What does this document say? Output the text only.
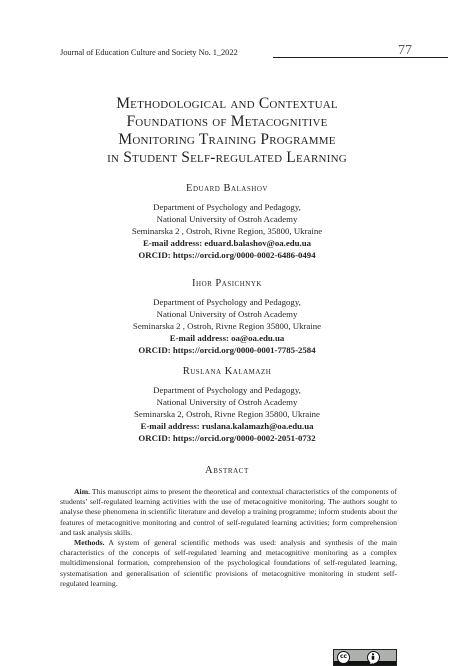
Journal of Education Culture and Society No. 1_2022	77
Methodological and Contextual
Foundations of Metacognitive
Monitoring Training Programme
in Student Self-regulated Learning
Eduard Balashov
Department of Psychology and Pedagogy,
National University of Ostroh Academy
Seminarska 2 , Ostroh, Rivne Region, 35800, Ukraine
E-mail address: eduard.balashov@oa.edu.ua
ORCID: https://orcid.org/0000-0002-6486-0494
Ihor Pasichnyk
Department of Psychology and Pedagogy,
National University of Ostroh Academy
Seminarska 2 , Ostroh, Rivne Region 35800, Ukraine
E-mail address: oa@oa.edu.ua
ORCID: https://orcid.org/0000-0001-7785-2584
Ruslana Kalamazh
Department of Psychology and Pedagogy,
National University of Ostroh Academy
Seminarska 2, Ostroh, Rivne Region 35800, Ukraine
E-mail address: ruslana.kalamazh@oa.edu.ua
ORCID: https://orcid.org/0000-0002-2051-0732
Abstract

Aim. This manuscript aims to present the theoretical and contextual characteristics of the components of students’ self-regulated learning activities with the use of metacognitive monitoring. The authors sought to analyse these phenomena in scientific literature and develop a training programme; inform students about the features of metacognitive monitoring and control of self-regulated learning activities; form comprehension and task analysis skills.

Methods. A system of general scientific methods was used: analysis and synthesis of the main characteristics of the concepts of self-regulated learning and metacognitive monitoring as a complex multidimensional formation, comprehension of the psychological foundations of self-regulated learning, systematisation and generalisation of scientific provisions of metacognitive monitoring in student self-regulated learning.

cc
BY
